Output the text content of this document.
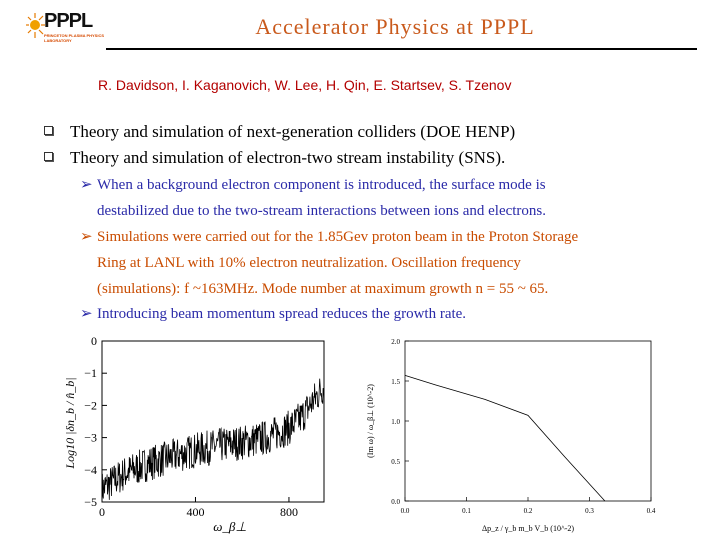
PPPL
PRINCETON PLASMA PHYSICS LABORATORY
Accelerator Physics at PPPL
R. Davidson, I. Kaganovich, W. Lee, H. Qin, E. Startsev, S. Tzenov
Theory and simulation of next-generation colliders (DOE HENP)
Theory and simulation of electron-two stream instability (SNS).
➢ When a background electron component is introduced, the surface mode is
destabilized due to the two-stream interactions between ions and electrons.
➢ Simulations were carried out for the 1.85Gev proton beam in the Proton Storage
Ring at LANL with 10% electron neutralization. Oscillation frequency
(simulations): f ~163MHz. Mode number at maximum growth n = 55 ~ 65.
➢ Introducing beam momentum spread reduces the growth rate.
0	400	800
0
−1
−2
−3
−4
−5
ω_β⊥
Log10 |δn_b / n̂_b|
0.0	0.1	0.2	0.3	0.4
0.0
0.5
1.0
1.5
2.0
Δp_z / γ_b m_b V_b (10^-2)
(Im ω) / ω_β⊥ (10^-2)
